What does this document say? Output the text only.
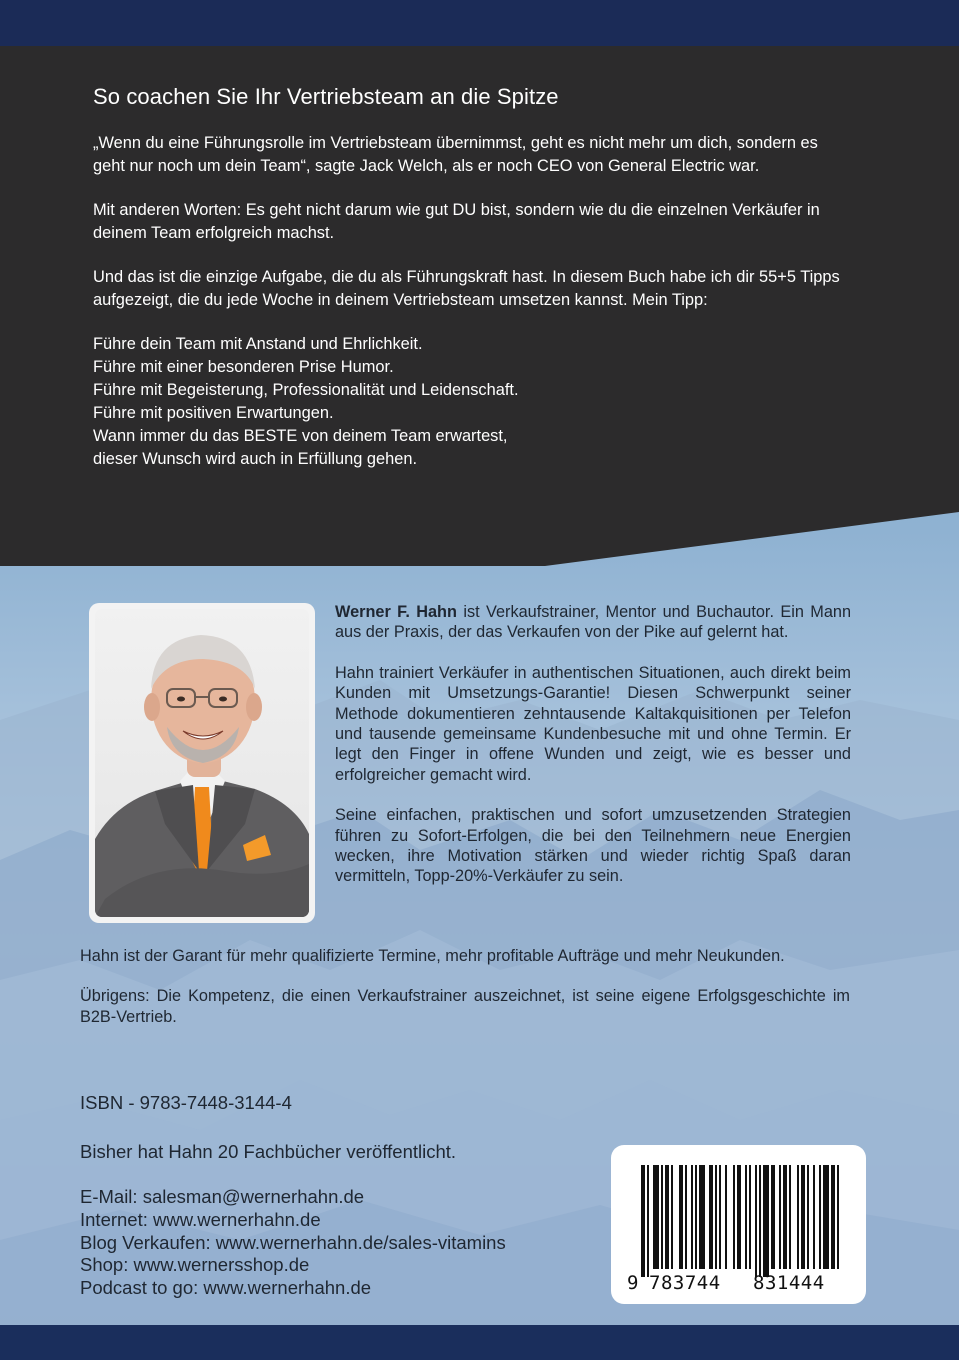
So coachen Sie Ihr Vertriebsteam an die Spitze

„Wenn du eine Führungsrolle im Vertriebsteam übernimmst, geht es nicht mehr um dich, sondern es geht nur noch um dein Team“, sagte Jack Welch, als er noch CEO von General Electric war.

Mit anderen Worten: Es geht nicht darum wie gut DU bist, sondern wie du die einzelnen Verkäufer in deinem Team erfolgreich machst.

Und das ist die einzige Aufgabe, die du als Führungskraft hast. In diesem Buch habe ich dir 55+5 Tipps aufgezeigt, die du jede Woche in deinem Vertriebsteam umsetzen kannst. Mein Tipp:

Führe dein Team mit Anstand und Ehrlichkeit.

Führe mit einer besonderen Prise Humor.

Führe mit Begeisterung, Professionalität und Leidenschaft.

Führe mit positiven Erwartungen.

Wann immer du das BESTE von deinem Team erwartest,

dieser Wunsch wird auch in Erfüllung gehen.

Werner F. Hahn ist Verkaufstrainer, Mentor und Buchautor. Ein Mann aus der Praxis, der das Verkaufen von der Pike auf gelernt hat.

Hahn trainiert Verkäufer in authentischen Situationen, auch direkt beim Kunden mit Umsetzungs-Garantie! Diesen Schwerpunkt seiner Methode dokumentieren zehntausende Kaltakquisitionen per Telefon und tausende gemeinsame Kundenbesuche mit und ohne Termin. Er legt den Finger in offene Wunden und zeigt, wie es besser und erfolgreicher gemacht wird.

Seine einfachen, praktischen und sofort umzusetzenden Strategien führen zu Sofort-Erfolgen, die bei den Teilnehmern neue Energien wecken, ihre Motivation stärken und wieder richtig Spaß daran vermitteln, Topp-20%-Verkäufer zu sein.

Hahn ist der Garant für mehr qualifizierte Termine, mehr profitable Aufträge und mehr Neukunden.

Übrigens: Die Kompetenz, die einen Verkaufstrainer auszeichnet, ist seine eigene Erfolgsgeschichte im B2B-Vertrieb.

ISBN - 9783-7448-3144-4
Bisher hat Hahn 20 Fachbücher veröffentlicht.
E-Mail: salesman@wernerhahn.de
Internet: www.wernerhahn.de
Blog Verkaufen: www.wernerhahn.de/sales-vitamins
Shop: www.wernersshop.de
Podcast to go: www.wernerhahn.de	9 783744 831444
